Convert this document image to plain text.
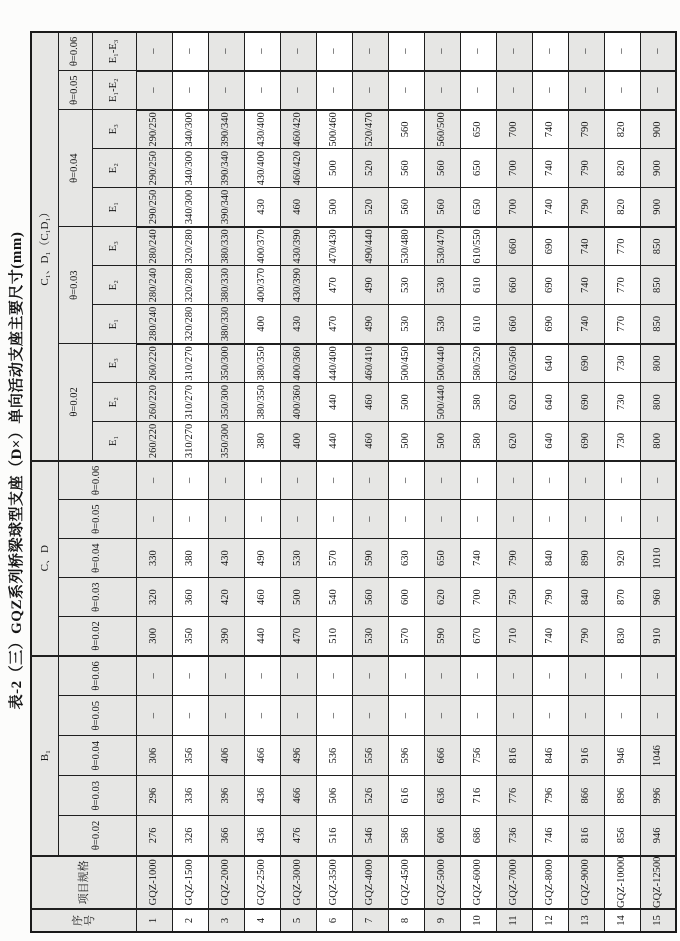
表-2（三）GQZ系列桥梁球型支座（D×）单向活动支座主要尺寸(mm)
序号	项目规格	B₁					C、D					C₁、D₁（C₁D₁）										
		θ=0.02	θ=0.03	θ=0.04	θ=0.05	θ=0.06	θ=0.02	θ=0.03	θ=0.04	θ=0.05	θ=0.06	θ=0.02			θ=0.03			θ=0.04			θ=0.05	θ=0.06
												E₁	E₂	E₃	E₁	E₂	E₃	E₁	E₂	E₃	E₁-E₂	E₁-E₃
1	GQZ-1000	276	296	306	–	–	300	320	330	–	–	260/220	260/220	260/220	280/240	280/240	280/240	290/250	290/250	290/250	–	–
2	GQZ-1500	326	336	356	–	–	350	360	380	–	–	310/270	310/270	310/270	320/280	320/280	320/280	340/300	340/300	340/300	–	–
3	GQZ-2000	366	396	406	–	–	390	420	430	–	–	350/300	350/300	350/300	380/330	380/330	380/330	390/340	390/340	390/340	–	–
4	GQZ-2500	436	436	466	–	–	440	460	490	–	–	380	380/350	380/350	400	400/370	400/370	430	430/400	430/400	–	–
5	GQZ-3000	476	466	496	–	–	470	500	530	–	–	400	400/360	400/360	430	430/390	430/390	460	460/420	460/420	–	–
6	GQZ-3500	516	506	536	–	–	510	540	570	–	–	440	440	440/400	470	470	470/430	500	500	500/460	–	–
7	GQZ-4000	546	526	556	–	–	530	560	590	–	–	460	460	460/410	490	490	490/440	520	520	520/470	–	–
8	GQZ-4500	586	616	596	–	–	570	600	630	–	–	500	500	500/450	530	530	530/480	560	560	560	–	–
9	GQZ-5000	606	636	666	–	–	590	620	650	–	–	500	500/440	500/440	530	530	530/470	560	560	560/500	–	–
10	GQZ-6000	686	716	756	–	–	670	700	740	–	–	580	580	580/520	610	610	610/550	650	650	650	–	–
11	GQZ-7000	736	776	816	–	–	710	750	790	–	–	620	620	620/560	660	660	660	700	700	700	–	–
12	GQZ-8000	746	796	846	–	–	740	790	840	–	–	640	640	640	690	690	690	740	740	740	–	–
13	GQZ-9000	816	866	916	–	–	790	840	890	–	–	690	690	690	740	740	740	790	790	790	–	–
14	GQZ-10000	856	896	946	–	–	830	870	920	–	–	730	730	730	770	770	770	820	820	820	–	–
15	GQZ-12500	946	996	1046	–	–	910	960	1010	–	–	800	800	800	850	850	850	900	900	900	–	–
